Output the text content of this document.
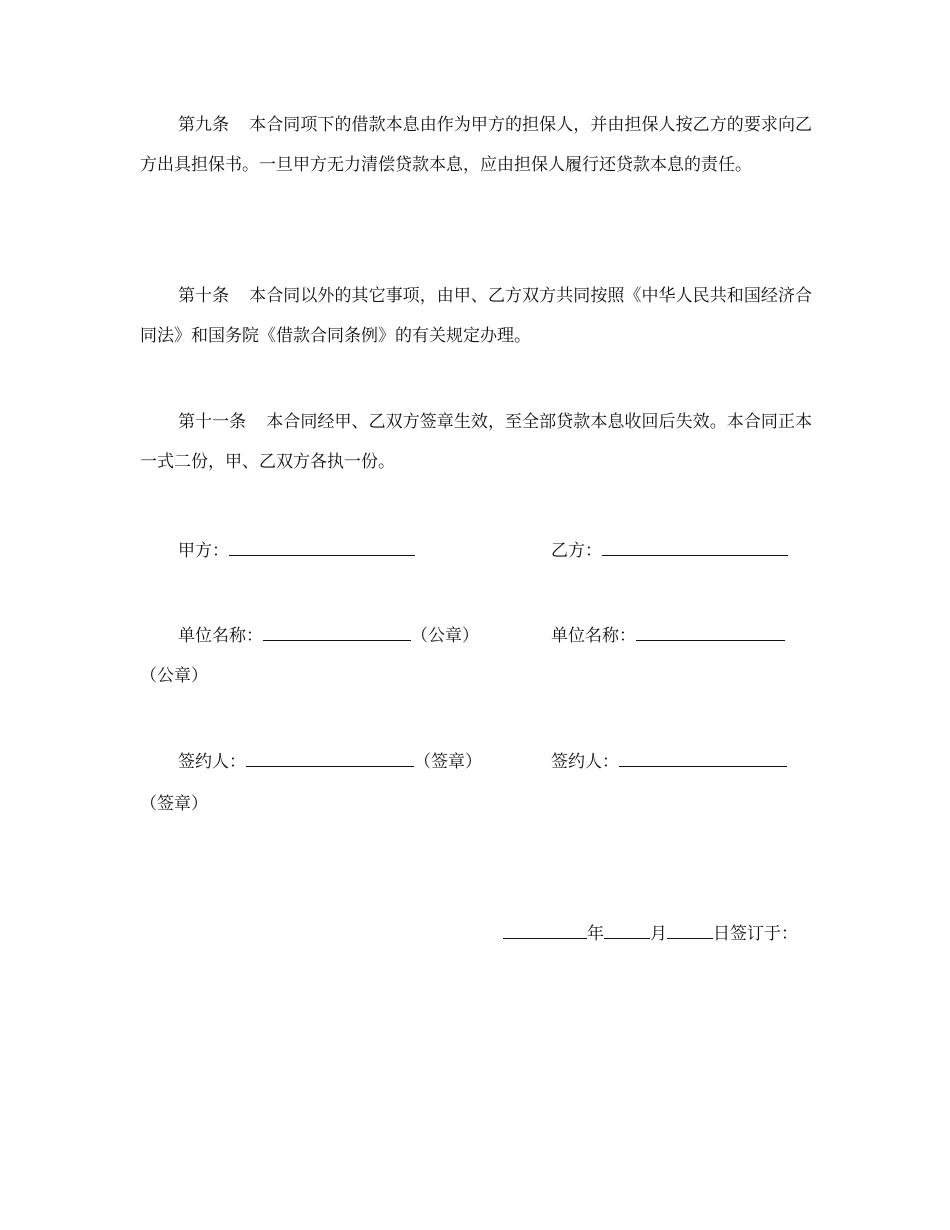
第九条 本合同项下的借款本息由作为甲方的担保人，并由担保人按乙方的要求向乙方出具担保书。一旦甲方无力清偿贷款本息，应由担保人履行还贷款本息的责任。

第十条 本合同以外的其它事项，由甲、乙方双方共同按照《中华人民共和国经济合同法》和国务院《借款合同条例》的有关规定办理。

第十一条 本合同经甲、乙双方签章生效，至全部贷款本息收回后失效。本合同正本一式二份，甲、乙双方各执一份。

甲方：	乙方：
单位名称：	（公章）	单位名称：
（公章）
签约人：	（签章）	签约人：
（签章）
年	月	日签订于：
